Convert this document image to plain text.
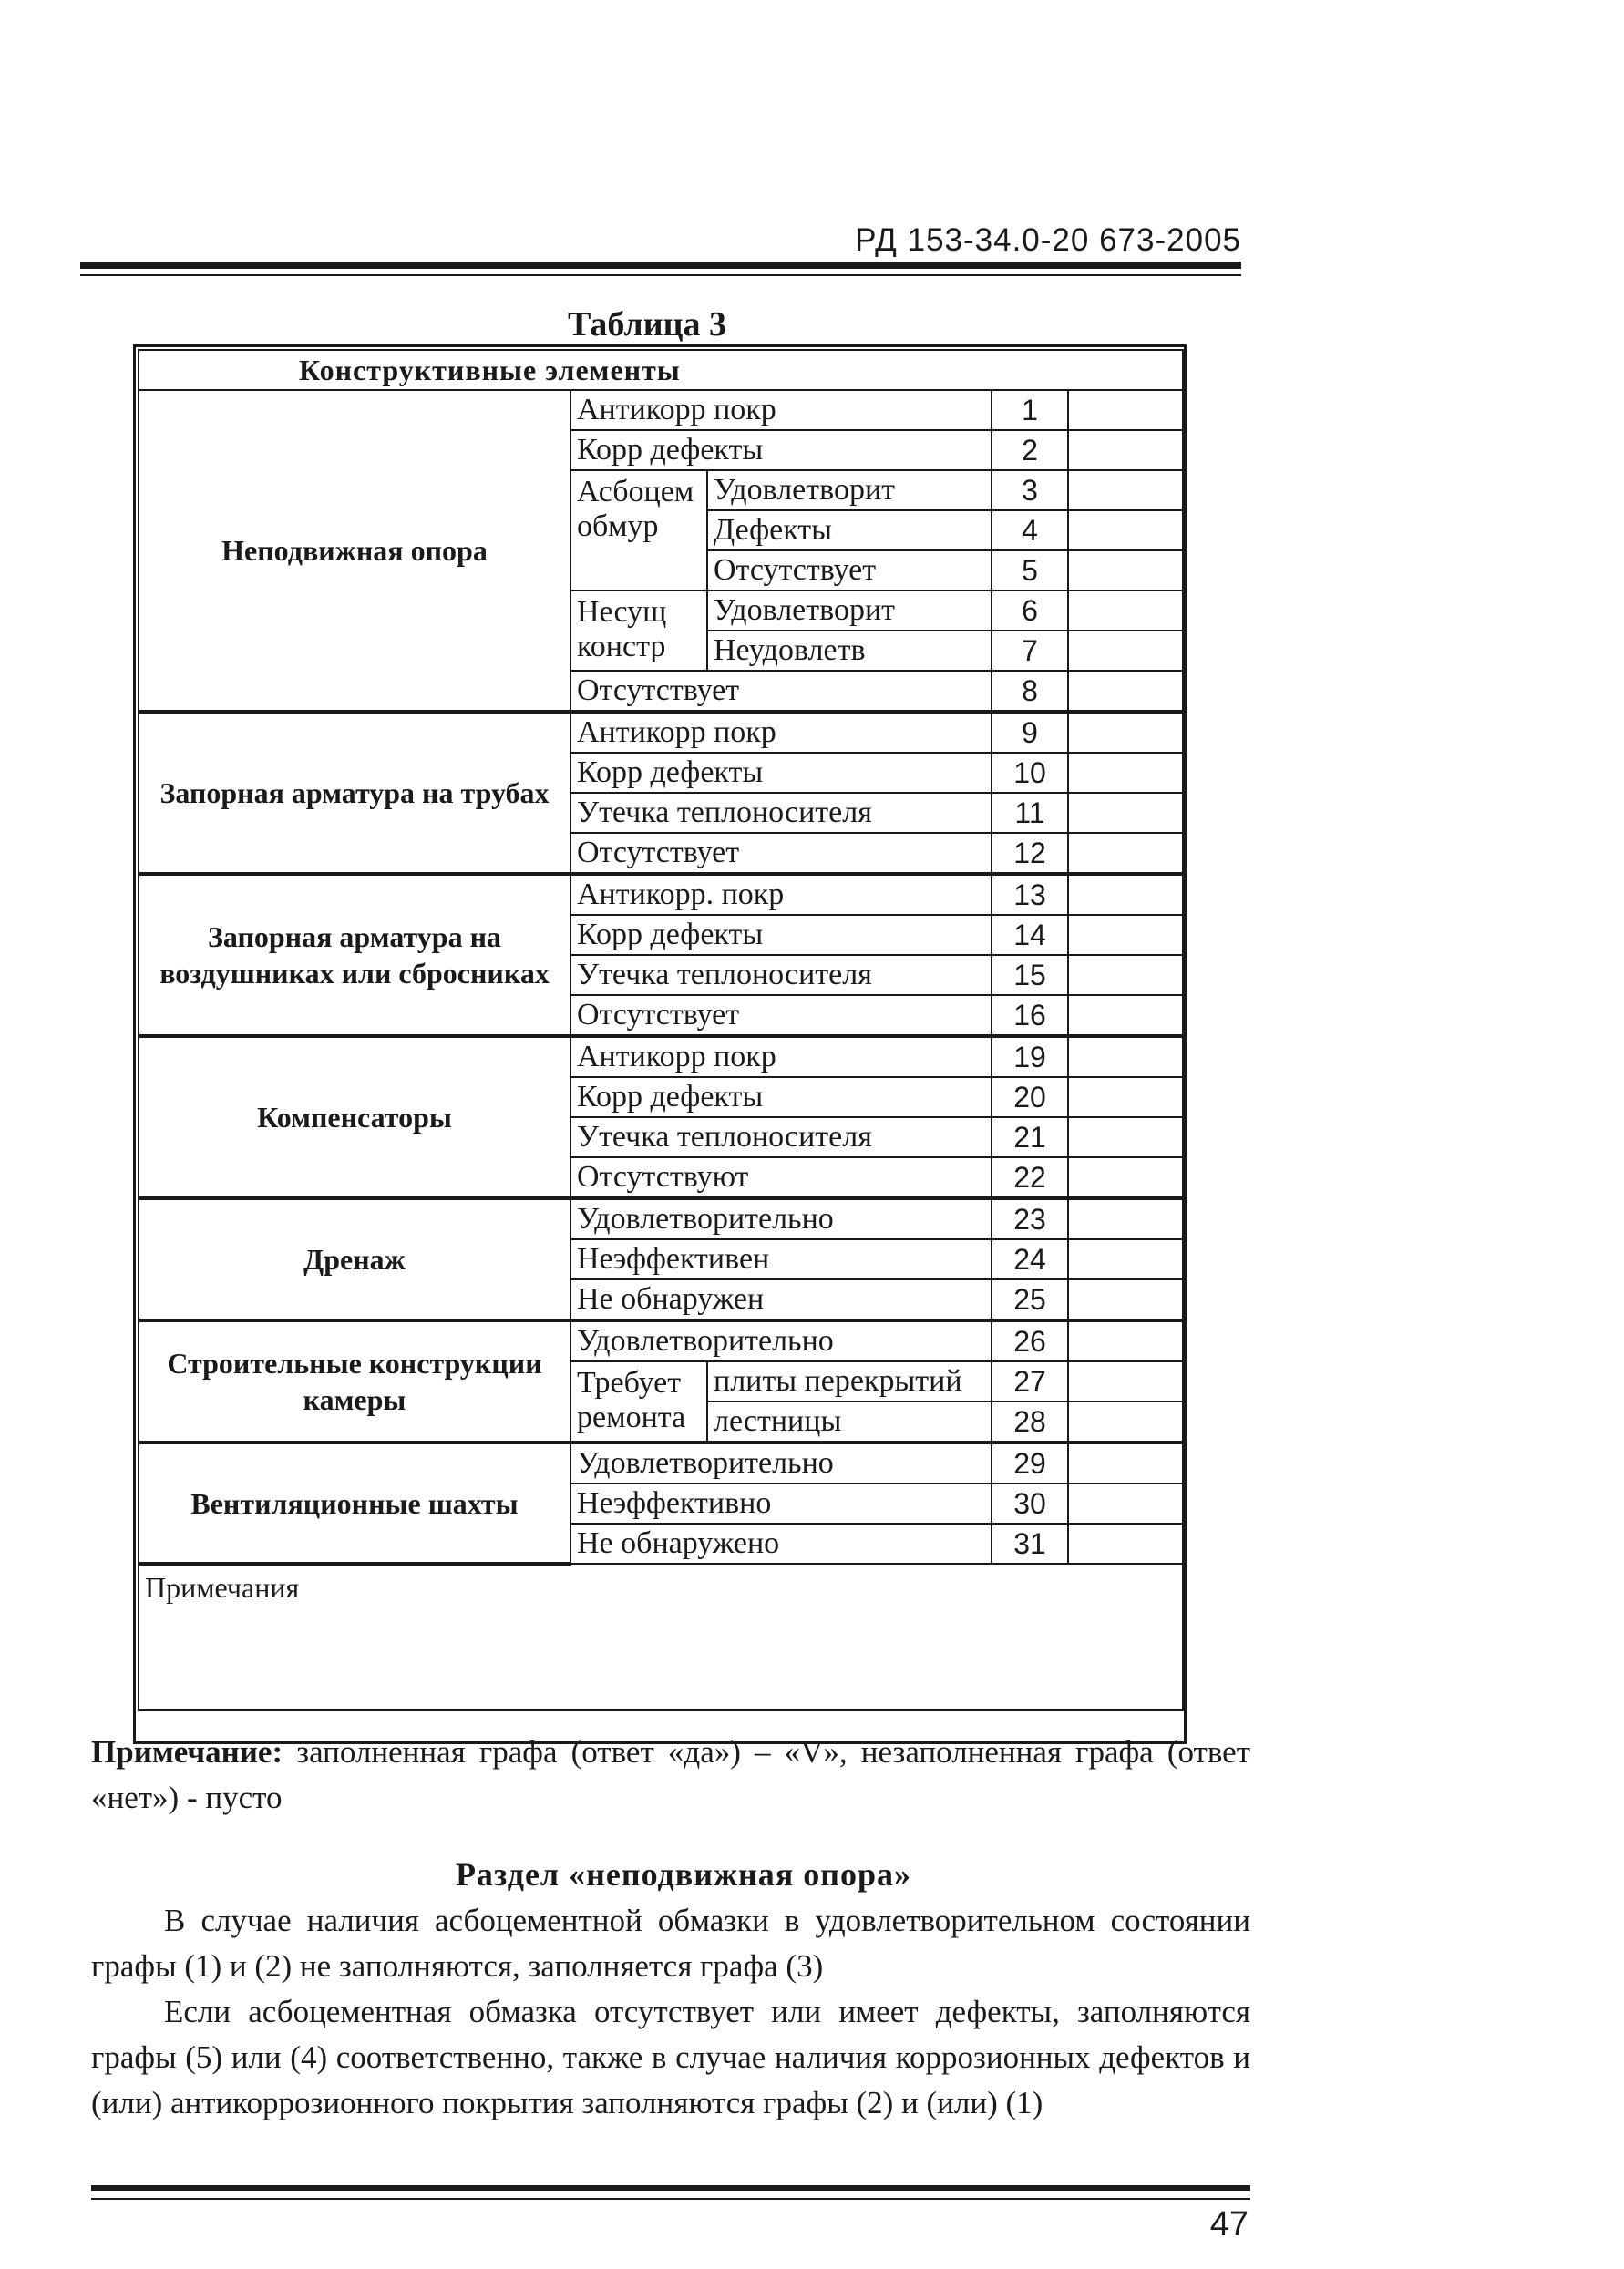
РД 153-34.0-20 673-2005
Таблица 3
Конструктивные элементы				
Неподвижная опора	Антикорр покр		1	
	Корр дефекты		2	
	Асбоцем обмур	Удовлетворит	3	
		Дефекты	4	
		Отсутствует	5	
	Несущ констр	Удовлетворит	6	
		Неудовлетв	7	
	Отсутствует		8	
Запорная арматура на трубах	Антикорр покр		9	
	Корр дефекты		10	
	Утечка теплоносителя		11	
	Отсутствует		12	
Запорная арматура на воздушниках или сбросниках	Антикорр. покр		13	
	Корр дефекты		14	
	Утечка теплоносителя		15	
	Отсутствует		16	
Компенсаторы	Антикорр покр		19	
	Корр дефекты		20	
	Утечка теплоносителя		21	
	Отсутствуют		22	
Дренаж	Удовлетворительно		23	
	Неэффективен		24	
	Не обнаружен		25	
Строительные конструкции камеры	Удовлетворительно		26	
	Требует ремонта	плиты перекрытий	27	
		лестницы	28	
Вентиляционные шахты	Удовлетворительно		29	
	Неэффективно		30	
	Не обнаружено		31	
Примечания				
Примечание: заполненная графа (ответ «да») – «V», незаполненная графа (ответ «нет») - пусто
Раздел «неподвижная опора»
В случае наличия асбоцементной обмазки в удовлетворительном состоянии графы (1) и (2) не заполняются, заполняется графа (3)
Если асбоцементная обмазка отсутствует или имеет дефекты, заполняются графы (5) или (4) соответственно, также в случае наличия коррозионных дефектов и (или) антикоррозионного покрытия заполняются графы (2) и (или) (1)
47
